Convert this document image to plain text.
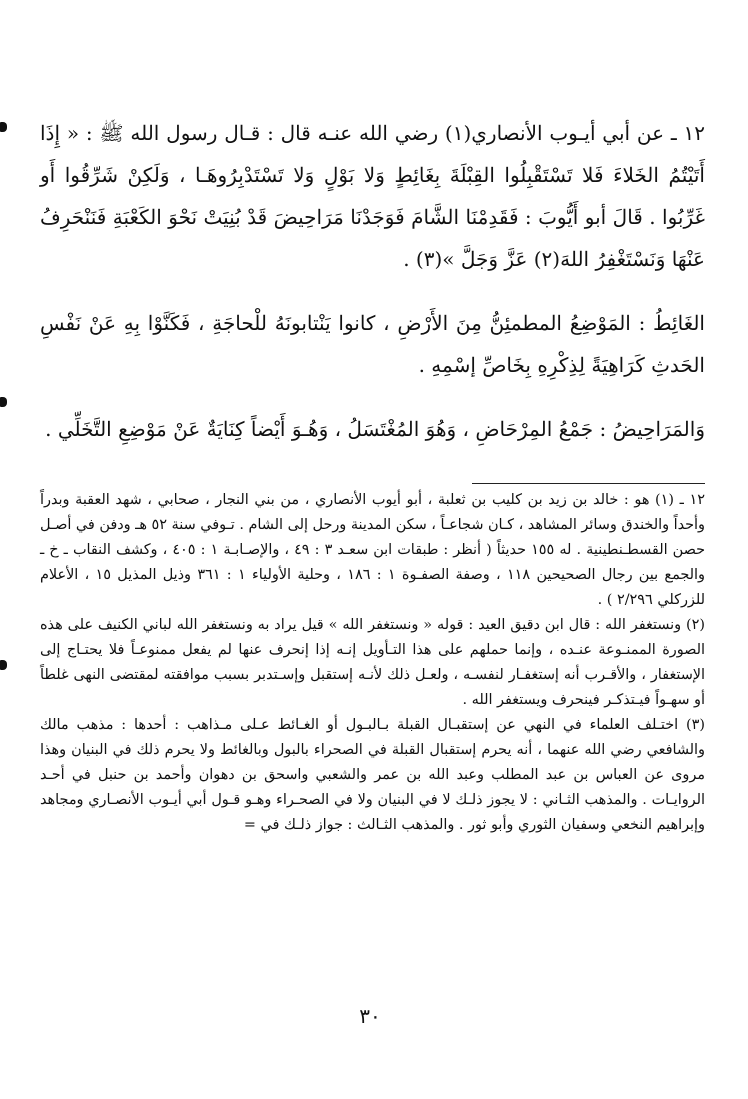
١٢ ـ عن أبي أيـوب الأنصاري(١) رضي الله عنـه قال : قـال رسول الله ﷺ : « إِذَا أَتَيْتُمُ الخَلاءَ فَلا تَسْتَقْبِلُوا القِبْلَةَ بِغَائِطٍ وَلا بَوْلٍ وَلا تَسْتَدْبِرُوهَـا ، وَلَكِنْ شَرِّقُوا أَو غَرِّبُوا . قَالَ أبو أَيُّوبَ : فَقَدِمْنَا الشَّامَ فَوَجَدْنَا مَرَاحِيضَ قَدْ بُنِيَتْ نَحْوَ الكَعْبَةِ فَنَنْحَرِفُ عَنْهَا وَنَسْتَغْفِرُ اللهَ(٢) عَزَّ وَجَلَّ »(٣) .

الغَائِطُ : المَوْضِعُ المطمئِنُّ مِنَ الأَرْضِ ، كانوا يَنْتابونَهُ للْحاجَةِ ، فَكَنَّوْا بِهِ عَنْ نَفْسِ الحَدثِ كَرَاهِيَةً لِذِكْرِهِ بِخَاصِّ إسْمِهِ .

وَالمَرَاحِيضُ : جَمْعُ المِرْحَاضِ ، وَهُوَ المُغْتَسَلُ ، وَهُـوَ أَيْضاً كِنَايَةٌ عَنْ مَوْضِعِ التَّخَلِّي .

١٢ ـ (١) هو : خالد بن زيد بن كليب بن ثعلبة ، أبو أيوب الأنصاري ، من بني النجار ، صحابي ، شهد العقبة وبدراً وأحداً والخندق وسائر المشاهد ، كـان شجاعـاً ، سكن المدينة ورحل إلى الشام . تـوفي سنة ٥٢ هـ ودفن في أصـل حصن القسطـنطينية . له ١٥٥ حديثاً ( أنظر : طبقات ابن سعـد ٣ : ٤٩ ، والإصـابـة ١ : ٤٠٥ ، وكشف النقاب ـ خ ـ والجمع بين رجال الصحيحين ١١٨ ، وصفة الصفـوة ١ : ١٨٦ ، وحلية الأولياء ١ : ٣٦١ وذيل المذيل ١٥ ، الأعلام للزركلي ٢/٢٩٦ ) .

(٢) ونستغفر الله : قال ابن دقيق العيد : قوله « ونستغفر الله » قيل يراد به ونستغفر الله لباني الكنيف على هذه الصورة الممنـوعة عنـده ، وإنما حملهم على هذا التـأويل إنـه إذا إنحرف عنها لم يفعل ممنوعـاً فلا يحتـاج إلى الإستغفار ، والأقـرب أنه إستغفـار لنفسـه ، ولعـل ذلك لأنـه إستقبل وإسـتدبر بسبب موافقته لمقتضى النهى غلطاً أو سهـواً فيـتذكـر فينحرف ويستغفر الله .

(٣) اختـلف العلماء في النهي عن إستقبـال القبلة بـالبـول أو الغـائط عـلى مـذاهب : أحدها : مذهب مالك والشافعي رضي الله عنهما ، أنه يحرم إستقبال القبلة في الصحراء بالبول وبالغائط ولا يحرم ذلك في البنيان وهذا مروى عن العباس بن عبد المطلب وعبد الله بن عمر والشعبي واسحق بن دهوان وأحمد بن حنبل في أحـد الروايـات . والمذهب الثـاني : لا يجوز ذلـك لا في البنيان ولا في الصحـراء وهـو قـول أبي أيـوب الأنصـاري ومجاهد وإبراهيم النخعي وسفيان الثوري وأبو ثور . والمذهب الثـالث : جواز ذلـك في =

٣٠
